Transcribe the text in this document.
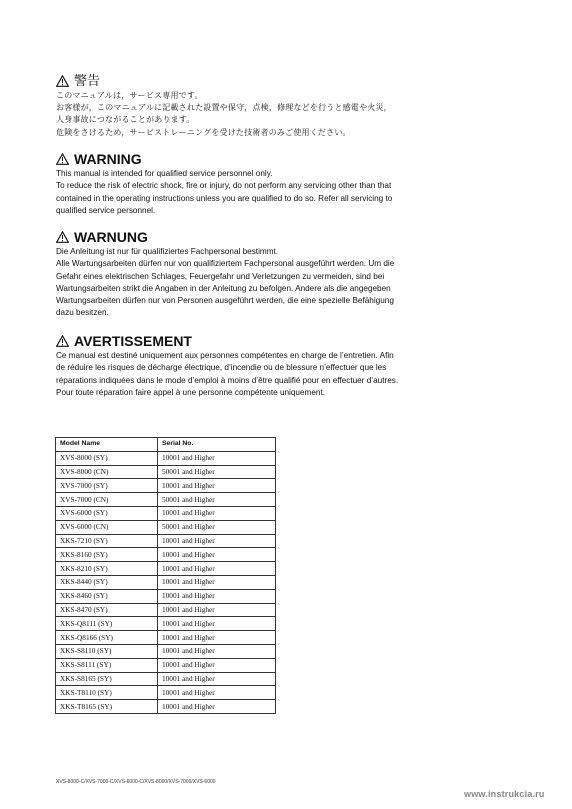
警告
このマニュアルは，サービス専用です。
お客様が，このマニュアルに記載された設置や保守，点検，修理などを行うと感電や火災，
人身事故につながることがあります。
危険をさけるため，サービストレーニングを受けた技術者のみご使用ください。
WARNING
This manual is intended for qualified service personnel only.
To reduce the risk of electric shock, fire or injury, do not perform any servicing other than that
contained in the operating instructions unless you are qualified to do so. Refer all servicing to
qualified service personnel.
WARNUNG
Die Anleitung ist nur für qualifiziertes Fachpersonal bestimmt.
Alle Wartungsarbeiten dürfen nur von qualifiziertem Fachpersonal ausgeführt werden. Um die
Gefahr eines elektrischen Schlages, Feuergefahr und Verletzungen zu vermeiden, sind bei
Wartungsarbeiten strikt die Angaben in der Anleitung zu befolgen. Andere als die angegeben
Wartungsarbeiten dürfen nur von Personen ausgeführt werden, die eine spezielle Befähigung
dazu besitzen.
AVERTISSEMENT
Ce manual est destiné uniquement aux personnes compétentes en charge de l’entretien. Afin
de réduire les risques de décharge électrique, d’incendie ou de blessure n’effectuer que les
réparations indiquées dans le mode d’emploi à moins d’être qualifié pour en effectuer d’autres.
Pour toute réparation faire appel à une personne compétente uniquement.
Model Name	Serial No.
XVS-8000 (SY)	10001 and Higher
XVS-8000 (CN)	50001 and Higher
XVS-7000 (SY)	10001 and Higher
XVS-7000 (CN)	50001 and Higher
XVS-6000 (SY)	10001 and Higher
XVS-6000 (CN)	50001 and Higher
XKS-7210 (SY)	10001 and Higher
XKS-8160 (SY)	10001 and Higher
XKS-8210 (SY)	10001 and Higher
XKS-8440 (SY)	10001 and Higher
XKS-8460 (SY)	10001 and Higher
XKS-8470 (SY)	10001 and Higher
XKS-Q8111 (SY)	10001 and Higher
XKS-Q8166 (SY)	10001 and Higher
XKS-S8110 (SY)	10001 and Higher
XKS-S8111 (SY)	10001 and Higher
XKS-S8165 (SY)	10001 and Higher
XKS-T8110 (SY)	10001 and Higher
XKS-T8165 (SY)	10001 and Higher
XVS-8000-C/XVS-7000-C/XVS-6000-C/XVS-8000/XVS-7000/XVS-6000
www.instrukcia.ru
